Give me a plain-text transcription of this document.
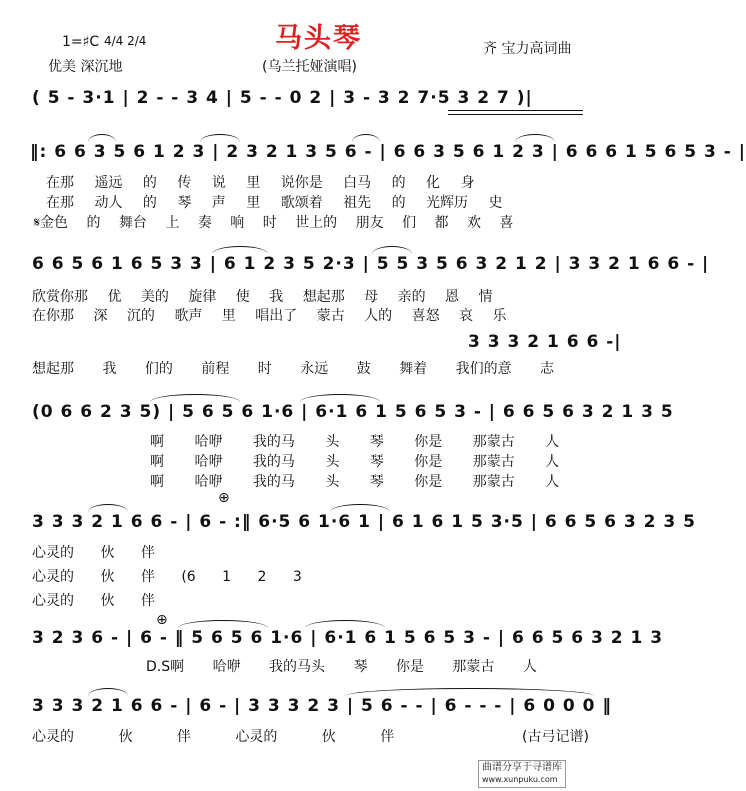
马头琴
1=♯C 4/4 2/4
优美 深沉地	(乌兰托娅演唱)
齐 宝力高词曲
( 5 - 3·1 | 2 - - 3 4 | 5 - - 0 2 | 3 - 3 2 7·5 3 2 7 )|
‖: 6 6 3 5 6 1 2 3 | 2 3 2 1 3 5 6 - | 6 6 3 5 6 1 2 3 | 6 6 6 1 5 6 5 3 - |
在那 遥远 的 传 说 里 说你是 白马 的 化 身
在那 动人 的 琴 声 里 歌颂着 祖先 的 光辉历 史
𝄋金色 的 舞台 上 奏 响 时 世上的 朋友 们 都 欢 喜
6 6 5 6 1 6 5 3 3 | 6 1 2 3 5 2·3 | 5 5 3 5 6 3 2 1 2 | 3 3 2 1 6 6 - |
欣赏你那 优 美的 旋律 使 我 想起那 母 亲的 恩 情
在你那 深 沉的 歌声 里 唱出了 蒙古 人的 喜怒 哀 乐
3 3 3 2 1 6 6 -|
想起那 我 们的 前程 时 永远 鼓 舞着 我们的意 志
(0 6 6 2 3 5) | 5 6 5 6 1·6 | 6·1 6 1 5 6 5 3 - | 6 6 5 6 3 2 1 3 5
啊 哈咿 我的马 头 琴 你是 那蒙古 人
啊 哈咿 我的马 头 琴 你是 那蒙古 人
啊 哈咿 我的马 头 琴 你是 那蒙古 人
⊕
3 3 3 2 1 6 6 - | 6 - :‖ 6·5 6 1·6 1 | 6 1 6 1 5 3·5 | 6 6 5 6 3 2 3 5
心灵的 伙 伴
心灵的 伙 伴 (6 1 2 3
心灵的 伙 伴
⊕
3 2 3 6 - | 6 - ‖ 5 6 5 6 1·6 | 6·1 6 1 5 6 5 3 - | 6 6 5 6 3 2 1 3
D.S啊 哈咿 我的马头 琴 你是 那蒙古 人
3 3 3 2 1 6 6 - | 6 - | 3 3 3 2 3 | 5 6 - - | 6 - - - | 6 0 0 0 ‖
心灵的 伙 伴 心灵的 伙 伴	(古弓记谱)
曲谱分享于寻谱库
www.xunpuku.com
